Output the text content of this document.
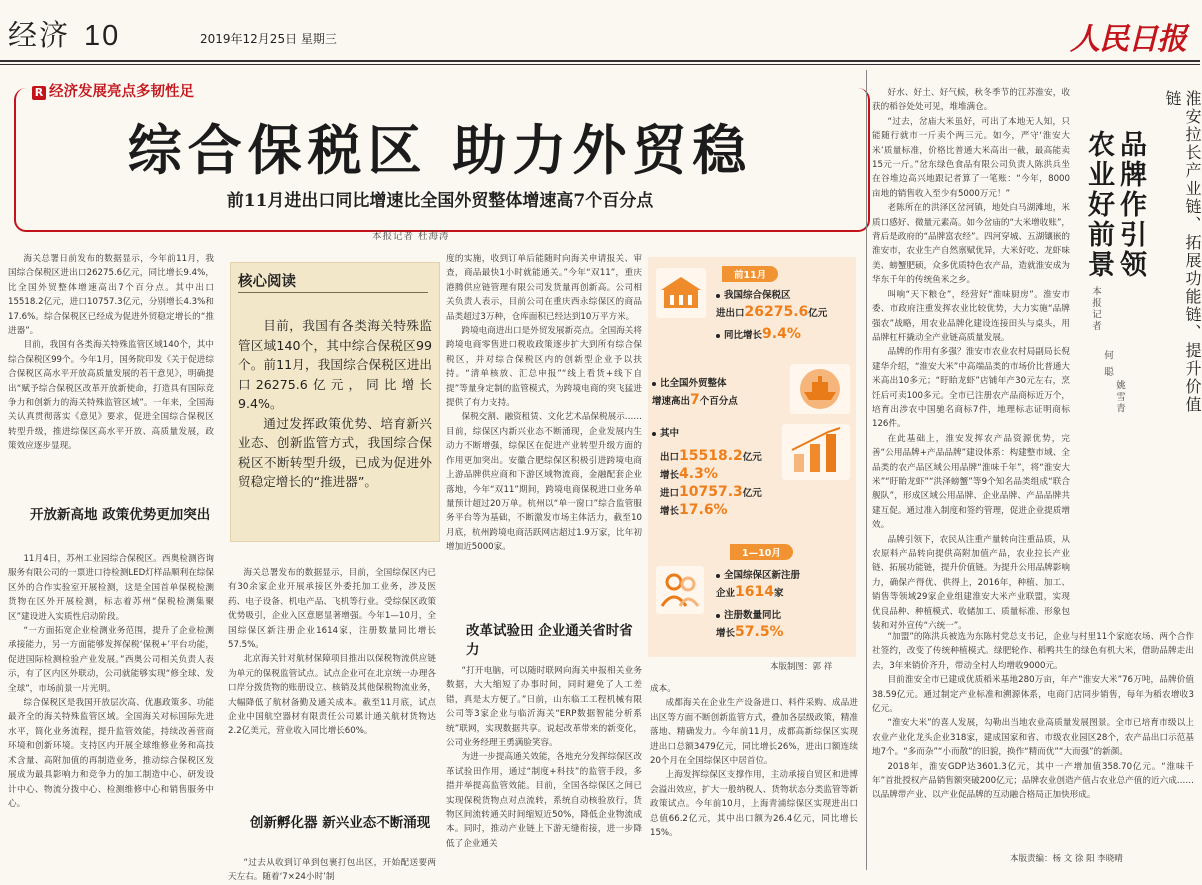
经济 10	2019年12月25日 星期三	人民日报
R 经济发展亮点多韧性足
综合保税区 助力外贸稳
前11月进出口同比增速比全国外贸整体增速高7个百分点
本报记者 杜海涛

海关总署日前发布的数据显示，今年前11月，我国综合保税区进出口26275.6亿元，同比增长9.4%，比全国外贸整体增速高出7个百分点。其中出口15518.2亿元，进口10757.3亿元，分别增长4.3%和17.6%。综合保税区已经成为促进外贸稳定增长的“推进器”。

目前，我国有各类海关特殊监管区域140个，其中综合保税区99个。今年1月，国务院印发《关于促进综合保税区高水平开放高质量发展的若干意见》，明确提出“赋予综合保税区改革开放新使命，打造具有国际竞争力和创新力的海关特殊监管区域”。一年来，全国海关认真贯彻落实《意见》要求，促进全国综合保税区转型升级，推进综保区高水平开放、高质量发展，政策效应逐步显现。

开放新高地 政策优势更加突出

11月4日，苏州工业园综合保税区。西奥检测咨询服务有限公司的一票进口待检测LED灯样品顺利在综保区外的合作实验室开展检测，这是全国首单保税检测货物在区外开展检测，标志着苏州“保税检测集聚区”建设进入实质性启动阶段。

“一方面拓宽企业检测业务范围，提升了企业检测承接能力，另一方面能够发挥保税‘保税+’平台功能，促进国际检测检验产业发展。”西奥公司相关负责人表示，有了区内区外联动，公司就能够实现“修全球、发全球”，市场前景一片光明。

综合保税区是我国开放层次高、优惠政策多、功能最齐全的海关特殊监管区域。全国海关对标国际先进水平，简化业务流程，提升监管效能，持续改善营商环境和创新环境。支持区内开展全球维修业务和高技术含量、高附加值的再制造业务，推动综合保税区发展成为最具影响力和竞争力的加工制造中心、研发设计中心、物流分拨中心、检测维修中心和销售服务中心。

核心阅读

目前，我国有各类海关特殊监管区域140个，其中综合保税区99个。前11月，我国综合保税区进出口26275.6亿元，同比增长9.4%。

通过发挥政策优势、培育新兴业态、创新监管方式，我国综合保税区不断转型升级，已成为促进外贸稳定增长的“推进器”。

海关总署发布的数据显示，目前，全国综保区内已有30余家企业开展承接区外委托加工业务，涉及医药、电子设备、机电产品、飞机等行业。受综保区政策优势吸引，企业入区意愿显著增强。今年1—10月，全国综保区新注册企业1614家，注册数量同比增长57.5%。

北京海关针对航材保障项目推出以保税物流供应链为单元的保税监管试点。试点企业可在北京统一办理各口岸分拨货物的账册设立、核销及其他保税物流业务，大幅降低了航材备勤及通关成本。截至11月底，试点企业中国航空器材有限责任公司累计通关航材货物达2.2亿美元，营业收入同比增长60%。

创新孵化器 新兴业态不断涌现

“过去从收到订单到包裹打包出区，开始配送要两天左右。随着‘7×24小时’制

度的实施，收到订单后能随时向海关申请报关、审查，商品最快1小时就能通关。”今年“双11”，重庆港腾供应链管理有限公司发货量再创新高。公司相关负责人表示，目前公司在重庆西永综保区的商品品类超过3万种，仓库面积已经达到10万平方米。

跨境电商进出口是外贸发展新亮点。全国海关将跨境电商零售进口税收政策逐步扩大到所有综合保税区，并对综合保税区内的创新型企业予以扶持。“清单核放、汇总申报”“线上看货+线下自提”等量身定制的监管模式，为跨境电商的突飞猛进提供了有力支持。

保税交割、融资租赁、文化艺术品保税展示……目前，综保区内新兴业态不断涌现，企业发展内生动力不断增强，综保区在促进产业转型升级方面的作用更加突出。安徽合肥综保区积极引进跨境电商上游品牌供应商和下游区域物流商，金融配套企业落地，今年“双11”期间，跨境电商保税进口业务单量预计超过20万单。杭州以“单一窗口”综合监管服务平台等为基础，不断激发市场主体活力，截至10月底，杭州跨境电商活跃网店超过1.9万家，比年初增加近5000家。

改革试验田 企业通关省时省力

“打开电脑，可以随时联网向海关申报相关业务数据，大大缩短了办事时间，同时避免了人工差错，真是太方便了。”日前，山东临工工程机械有限公司等3家企业与临沂海关“ERP数据智能分析系统”联网，实现数据共享。说起改革带来的新变化，公司业务经理王勇满脸笑容。

为进一步提高通关效能，各地充分发挥综保区改革试验田作用，通过“制度+科技”的监管手段，多措并举提高监管效能。目前，全国各综保区之间已实现保税货物点对点流转，系统自动核验放行，货物区间流转通关时间缩短近50%，降低企业物流成本。同时，推动产业链上下游无缝衔接，进一步降低了企业通关

前11月
我国综合保税区
进出口26275.6亿元
同比增长9.4%
比全国外贸整体
增速高出7个百分点
其中
出口15518.2亿元
增长4.3%
进口10757.3亿元
增长17.6%
1—10月
全国综保区新注册
企业1614家
注册数量同比
增长57.5%
本版制图：郭 祥

成本。

成都海关在企业生产设备进口、料件采购、成品进出区等方面不断创新监管方式，叠加各层级政策，精准落地、精确发力。今年前11月，成都高新综保区实现进出口总额3479亿元，同比增长26%，进出口额连续20个月在全国综保区中居首位。

上海发挥综保区支撑作用，主动承接自贸区和进博会溢出效应，扩大一般纳税人、货物状态分类监管等新政策试点。今年前10月，上海青浦综保区实现进出口总值66.2亿元，其中出口额为26.4亿元，同比增长15%。

淮安拉长产业链、拓展功能链、提升价值链
品牌作引领
农业好前景
本报记者
何 聪
姚雪青

好水、好土、好气候，秋冬季节的江苏淮安，收获的稻谷处处可见，堆堆满仓。

“过去，岔庙大米虽好，可出了本地无人知，只能随行就市一斤卖个两三元。如今，严守‘淮安大米’质量标准，价格比普通大米高出一截，最高能卖15元一斤。”岔东绿色食品有限公司负责人陈洪兵坐在谷堆边高兴地跟记者算了一笔账：“今年，8000亩地的销售收入至少有5000万元！”

老陈所在的洪泽区岔河镇，地处白马湖滩地，米质口感好、微量元素高。如今岔庙的“大米增收账”，背后是政府的“品牌富农经”。四河穿城、五湖镶嵌的淮安市，农业生产自然禀赋优异，大米好吃、龙虾味美、螃蟹肥硕，众多优质特色农产品，造就淮安成为华东千年的传统鱼米之乡。

叫响“天下粮仓”，经营好“淮味厨房”。淮安市委、市政府注重发挥农业比较优势，大力实施“品牌强农”战略，用农业品牌化建设连接田头与桌头，用品牌杠杆撬动全产业链高质量发展。

品牌的作用有多强？淮安市农业农村局副局长倪建华介绍，“淮安大米”中高端品类的市场价比普通大米高出10多元；“盱眙龙虾”店铺年产30元左右，烹饪后可卖100多元。全市已注册农产品商标近万个，培育出涉农中国驰名商标7件，地理标志证明商标126件。

在此基础上，淮安发挥农产品资源优势，完善“公用品牌+产品品牌”建设体系：构建整市域、全品类的农产品区域公用品牌“淮味千年”，将“淮安大米”“盱眙龙虾”“洪泽螃蟹”等9个知名品类组成“联合舰队”，形成区域公用品牌、企业品牌、产品品牌共建互促。通过准入制度和签约管理，促进企业提质增效。

品牌引领下，农民从注重产量转向注重品质，从农原料产品转向提供高附加值产品，农业拉长产业链、拓展功能链，提升价值链。为提升公用品牌影响力，确保产得优、供得上，2016年，种植、加工、销售等领域29家企业组建淮安大米产业联盟，实现优良品种、种植模式、收储加工、质量标准、形象包装和对外宣传“六统一”。

“加盟”的陈洪兵被选为东陈村党总支书记，企业与村里11个家庭农场、两个合作社签约，改变了传统种植模式。绿肥轮作、稻鸭共生的绿色有机大米，借助品牌走出去，3年来销价齐升，带动全村人均增收9000元。

目前淮安全市已建成优质稻米基地280万亩，年产“淮安大米”76万吨，品牌价值38.59亿元。通过制定产业标准和溯源体系，电商门店同步销售，每年为稻农增收3亿元。

“淮安大米”的喜人发展，勾勒出当地农业高质量发展图景。全市已培育市级以上农业产业化龙头企业318家，建成国家和省、市级农业园区28个，农产品出口示范基地7个。“多而杂”“小而散”的旧貌，换作“精而优”“大而强”的新颜。

2018年，淮安GDP达3601.3亿元，其中一产增加值358.70亿元。“淮味千年”首批授权产品销售额突破200亿元；品牌农业创造产值占农业总产值的近六成……以品牌带产业、以产业促品牌的互动融合格局正加快形成。

本版责编：杨 文 徐 阳 李晓晴
